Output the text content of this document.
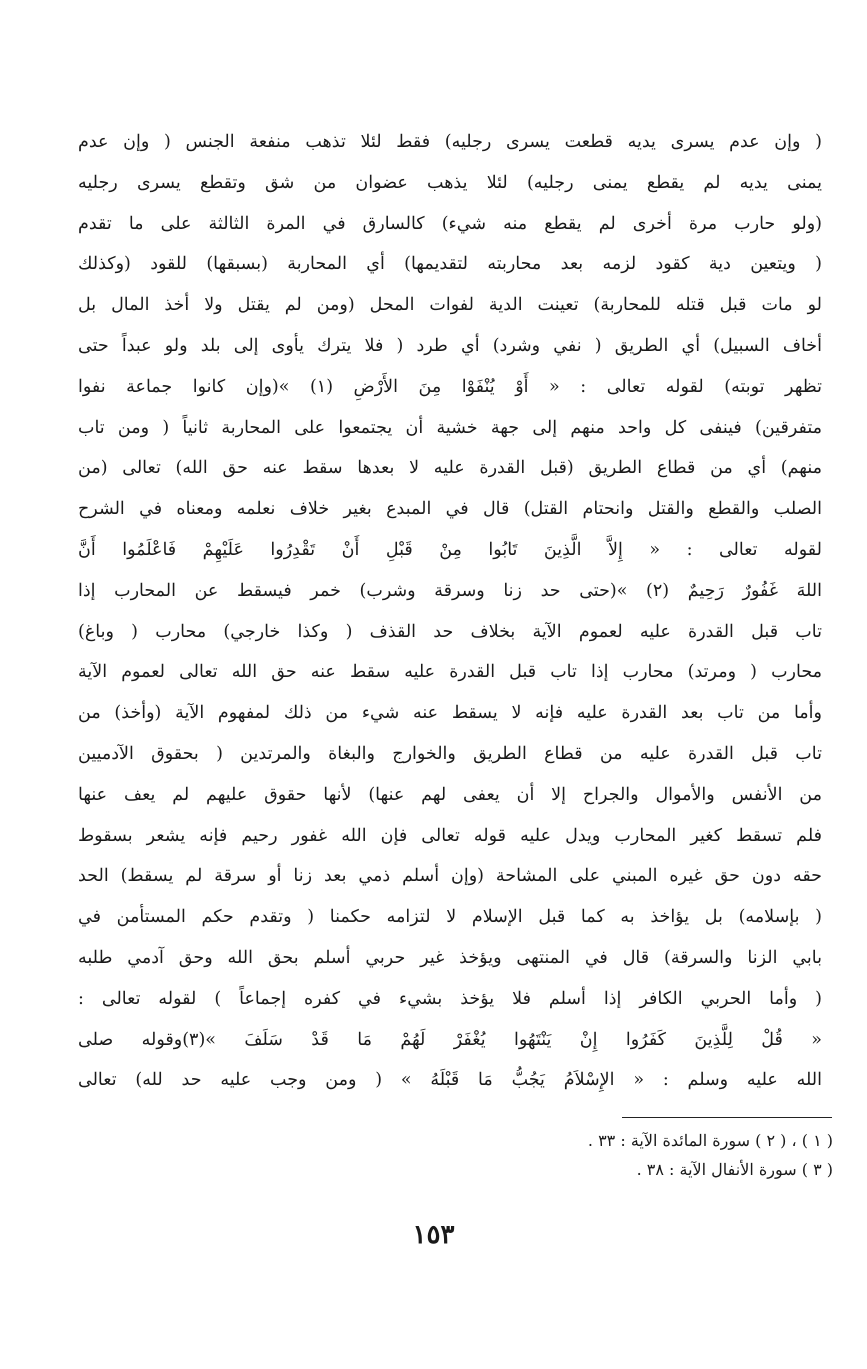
( وإن عدم يسرى يديه قطعت يسرى رجليه) فقط لئلا تذهب منفعة الجنس ( وإن عدم
يمنى يديه لم يقطع يمنى رجليه) لئلا يذهب عضوان من شق وتقطع يسرى رجليه
(ولو حارب مرة أخرى لم يقطع منه شيء) كالسارق في المرة الثالثة على ما تقدم
( ويتعين دية كقود لزمه بعد محاربته لتقديمها) أي المحاربة (بسبقها) للقود (وكذلك
لو مات قبل قتله للمحاربة) تعينت الدية لفوات المحل (ومن لم يقتل ولا أخذ المال بل
أخاف السبيل) أي الطريق ( نفي وشرد) أي طرد ( فلا يترك يأوى إلى بلد ولو عبداً حتى
تظهر توبته) لقوله تعالى : « أَوْ يُنْفَوْا مِنَ الأَرْضِ (١) »(وإن كانوا جماعة نفوا
متفرقين) فينفى كل واحد منهم إلى جهة خشية أن يجتمعوا على المحاربة ثانياً ( ومن تاب
منهم) أي من قطاع الطريق (قبل القدرة عليه لا بعدها سقط عنه حق الله) تعالى (من
الصلب والقطع والقتل وانحتام القتل) قال في المبدع بغير خلاف نعلمه ومعناه في الشرح
لقوله تعالى : « إِلاَّ الَّذِينَ تَابُوا مِنْ قَبْلِ أَنْ تَقْدِرُوا عَلَيْهِمْ فَاعْلَمُوا أَنَّ
اللهَ غَفُورٌ رَحِيمٌ (٢) »(حتى حد زنا وسرقة وشرب) خمر فيسقط عن المحارب إذا
تاب قبل القدرة عليه لعموم الآية بخلاف حد القذف ( وكذا خارجي) محارب ( وباغ)
محارب ( ومرتد) محارب إذا تاب قبل القدرة عليه سقط عنه حق الله تعالى لعموم الآية
وأما من تاب بعد القدرة عليه فإنه لا يسقط عنه شيء من ذلك لمفهوم الآية (وأخذ) من
تاب قبل القدرة عليه من قطاع الطريق والخوارج والبغاة والمرتدين ( بحقوق الآدميين
من الأنفس والأموال والجراح إلا أن يعفى لهم عنها) لأنها حقوق عليهم لم يعف عنها
فلم تسقط كغير المحارب ويدل عليه قوله تعالى فإن الله غفور رحيم فإنه يشعر بسقوط
حقه دون حق غيره المبني على المشاحة (وإن أسلم ذمي بعد زنا أو سرقة لم يسقط) الحد
( بإسلامه) بل يؤاخذ به كما قبل الإسلام لا لتزامه حكمنا ( وتقدم حكم المستأمن في
بابي الزنا والسرقة) قال في المنتهى ويؤخذ غير حربي أسلم بحق الله وحق آدمي طلبه
( وأما الحربي الكافر إذا أسلم فلا يؤخذ بشيء في كفره إجماعاً ) لقوله تعالى :
« قُلْ لِلَّذِينَ كَفَرُوا إِنْ يَنْتَهُوا يُغْفَرْ لَهُمْ مَا قَدْ سَلَفَ »(٣)وقوله صلى
الله عليه وسلم : « الإِسْلاَمُ يَجُبُّ مَا قَبْلَهُ » ( ومن وجب عليه حد لله) تعالى
( ١ ) ، ( ٢ ) سورة المائدة الآية : ٣٣ .
( ٣ ) سورة الأنفال الآية : ٣٨ .
١٥٣
